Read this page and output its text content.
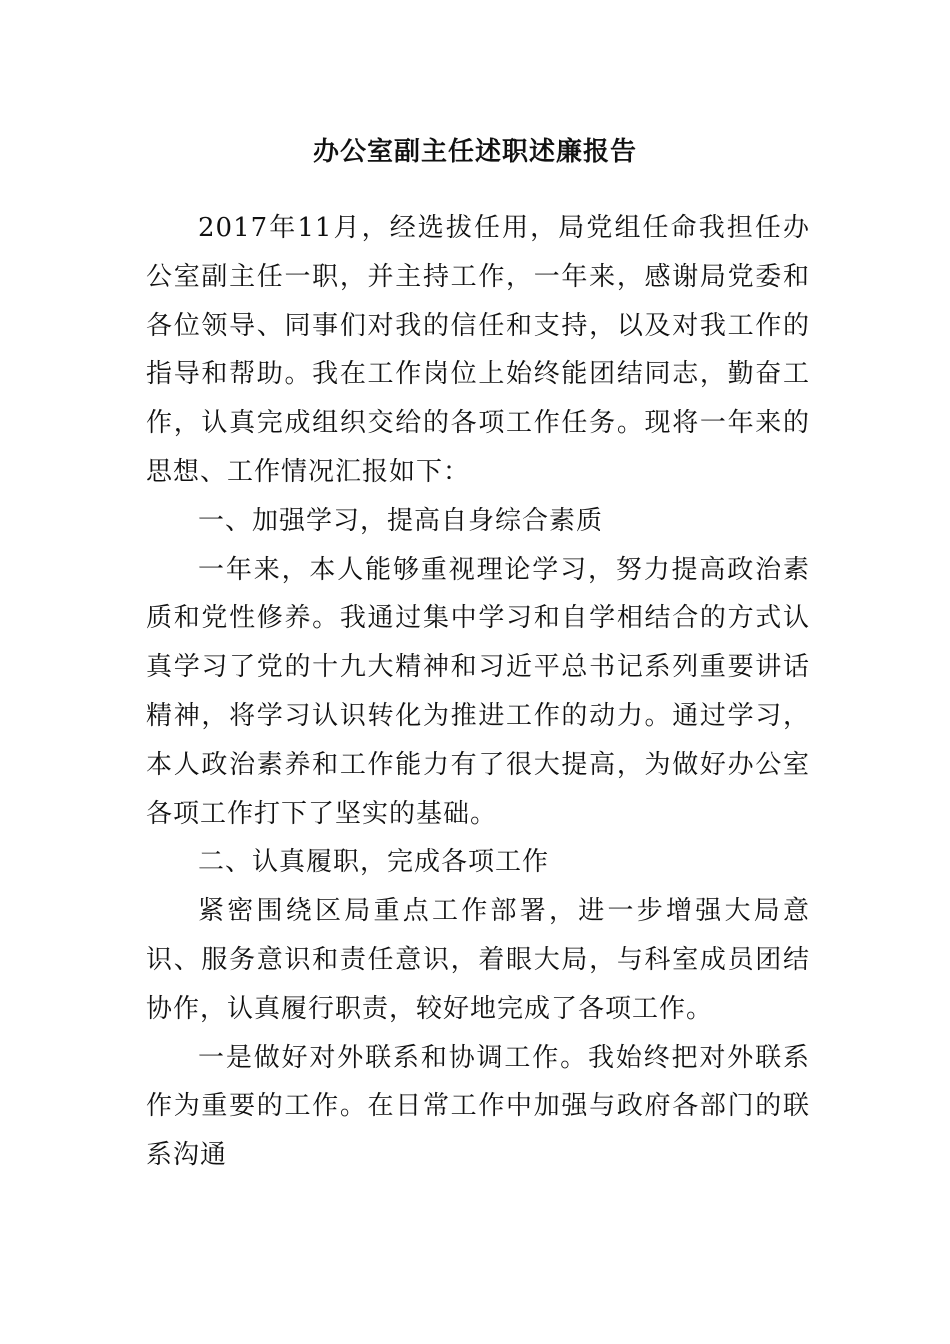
办公室副主任述职述廉报告

2017年11月，经选拔任用，局党组任命我担任办公室副主任一职，并主持工作，一年来，感谢局党委和各位领导、同事们对我的信任和支持，以及对我工作的指导和帮助。我在工作岗位上始终能团结同志，勤奋工作，认真完成组织交给的各项工作任务。现将一年来的思想、工作情况汇报如下：

一、加强学习，提高自身综合素质

一年来，本人能够重视理论学习，努力提高政治素质和党性修养。我通过集中学习和自学相结合的方式认真学习了党的十九大精神和习近平总书记系列重要讲话精神，将学习认识转化为推进工作的动力。通过学习，本人政治素养和工作能力有了很大提高，为做好办公室各项工作打下了坚实的基础。

二、认真履职，完成各项工作

紧密围绕区局重点工作部署，进一步增强大局意识、服务意识和责任意识，着眼大局，与科室成员团结协作，认真履行职责，较好地完成了各项工作。

一是做好对外联系和协调工作。我始终把对外联系作为重要的工作。在日常工作中加强与政府各部门的联系沟通
